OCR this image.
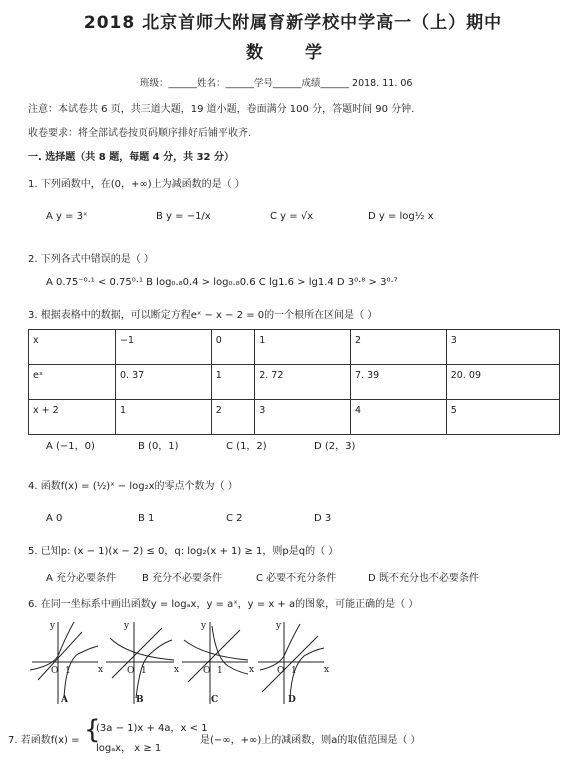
2018 北京首师大附属育新学校中学高一（上）期中
数 学
班级：______姓名：______学号______成绩______ 2018. 11. 06
注意：本试卷共 6 页，共三道大题，19 道小题，卷面满分 100 分，答题时间 90 分钟.
收卷要求：将全部试卷按页码顺序排好后铺平收齐.
一. 选择题（共 8 题，每题 4 分，共 32 分）
1. 下列函数中，在(0，+∞)上为减函数的是（ ）
A y = 3ˣ	B y = −1/x	C y = √x	D y = log½ x
2. 下列各式中错误的是（ ）
A 0.75⁻⁰·¹ < 0.75⁰·¹ B log₀.₈0.4 > log₀.₈0.6 C lg1.6 > lg1.4 D 3⁰·⁸ > 3⁰·⁷
3. 根据表格中的数据，可以断定方程eˣ − x − 2 = 0的一个根所在区间是（ ）
x	−1	0	1	2	3
eˣ	0. 37	1	2. 72	7. 39	20. 09
x + 2	1	2	3	4	5
A (−1，0)	B (0，1)	C (1，2)	D (2，3)
4. 函数f(x) = (½)ˣ − log₂x的零点个数为（ ）
A 0	B 1	C 2	D 3
5. 已知p: (x − 1)(x − 2) ≤ 0，q: log₂(x + 1) ≥ 1，则p是q的（ ）
A 充分必要条件	B 充分不必要条件	C 必要不充分条件	D 既不充分也不必要条件
6. 在同一坐标系中画出函数y = logₐx，y = aˣ，y = x + a的图象，可能正确的是（ ）
y
x
O 1
A
y
x
O 1
B
y
x
O 1
C
y
x
O 1
D
7. 若函数f(x) = {
(3a − 1)x + 4a，x < 1
logₐx， x ≥ 1
是(−∞，+∞)上的减函数，则a的取值范围是（ ）
